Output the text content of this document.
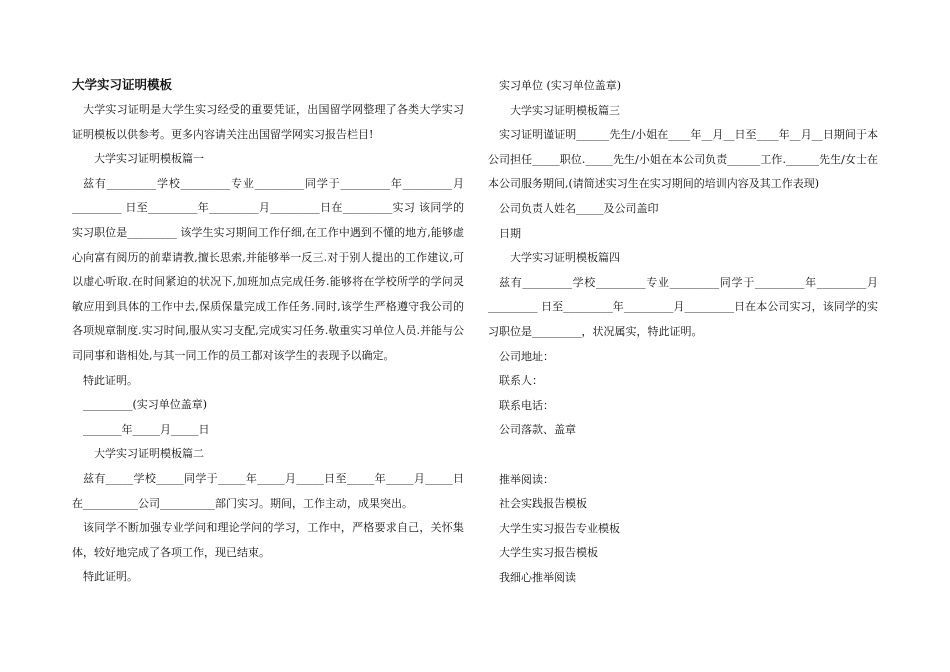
大学实习证明模板

大学实习证明是大学生实习经受的重要凭证，出国留学网整理了各类大学实习证明模板以供参考。更多内容请关注出国留学网实习报告栏目!

大学实习证明模板篇一

兹有_________学校_________专业_________同学于_________年_________月_________ 日至_________年_________月_________日在_________实习 该同学的实习职位是_________ 该学生实习期间工作仔细,在工作中遇到不懂的地方,能够虚心向富有阅历的前辈请教,擅长思索,并能够举一反三.对于别人提出的工作建议,可以虚心听取.在时间紧迫的状况下,加班加点完成任务.能够将在学校所学的学问灵敏应用到具体的工作中去,保质保量完成工作任务.同时,该学生严格遵守我公司的各项规章制度.实习时间,服从实习支配,完成实习任务.敬重实习单位人员.并能与公司同事和谐相处,与其一同工作的员工都对该学生的表现予以确定。

特此证明。

_________(实习单位盖章)

_______年_____月_____日

大学实习证明模板篇二

兹有_____学校_____同学于_____年_____月_____日至_____年_____月_____日在__________公司__________部门实习。期间，工作主动，成果突出。

该同学不断加强专业学问和理论学问的学习，工作中，严格要求自己，关怀集体，较好地完成了各项工作，现已结束。

特此证明。

实习单位 (实习单位盖章)

大学实习证明模板篇三

实习证明谨证明______先生/小姐在____年__月__日至____年__月__日期间于本公司担任_____职位._____先生/小姐在本公司负责______工作.______先生/女士在本公司服务期间,(请简述实习生在实习期间的培训内容及其工作表现)

公司负责人姓名_____及公司盖印

日期

大学实习证明模板篇四

兹有_________学校_________专业_________同学于_________年_________月_________ 日至_________年_________月_________日在本公司实习，该同学的实习职位是_________，状况属实，特此证明。

公司地址：

联系人：

联系电话：

公司落款、盖章

推举阅读：

社会实践报告模板

大学生实习报告专业模板

大学生实习报告模板

我细心推举阅读
